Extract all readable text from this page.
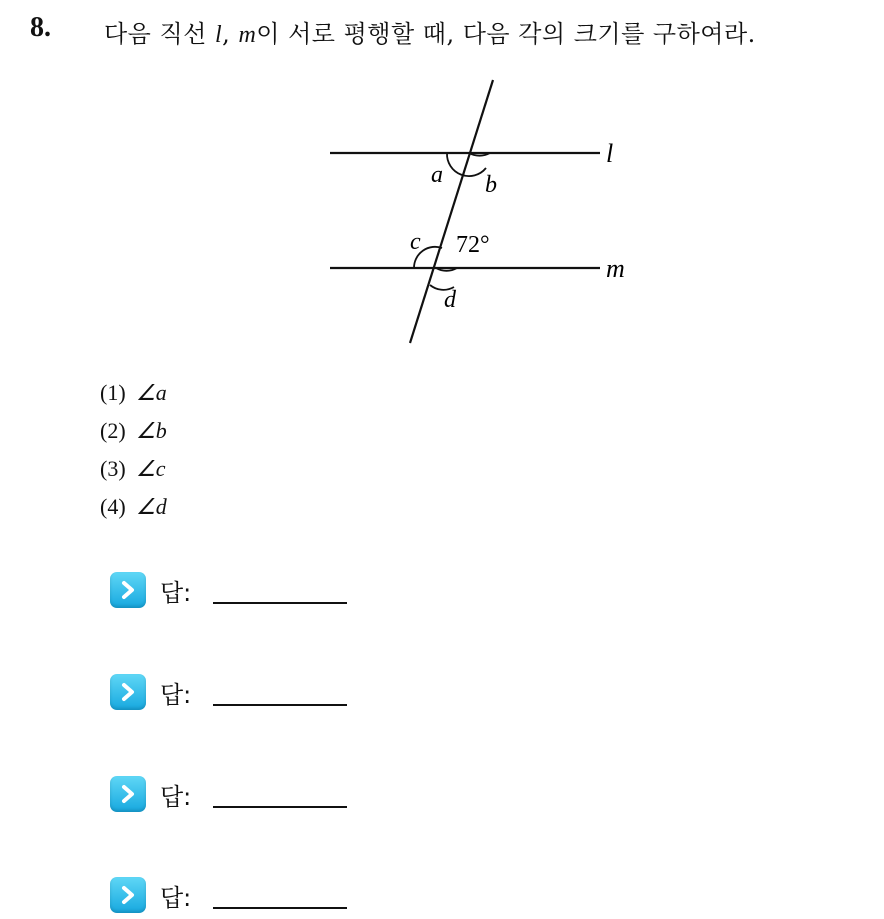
8. 다음 직선 l, m이 서로 평행할 때, 다음 각의 크기를 구하여라.
l
m
a b
c 72°
d
(1) ∠a
(2) ∠b
(3) ∠c
(4) ∠d
답:
답:
답:
답:
